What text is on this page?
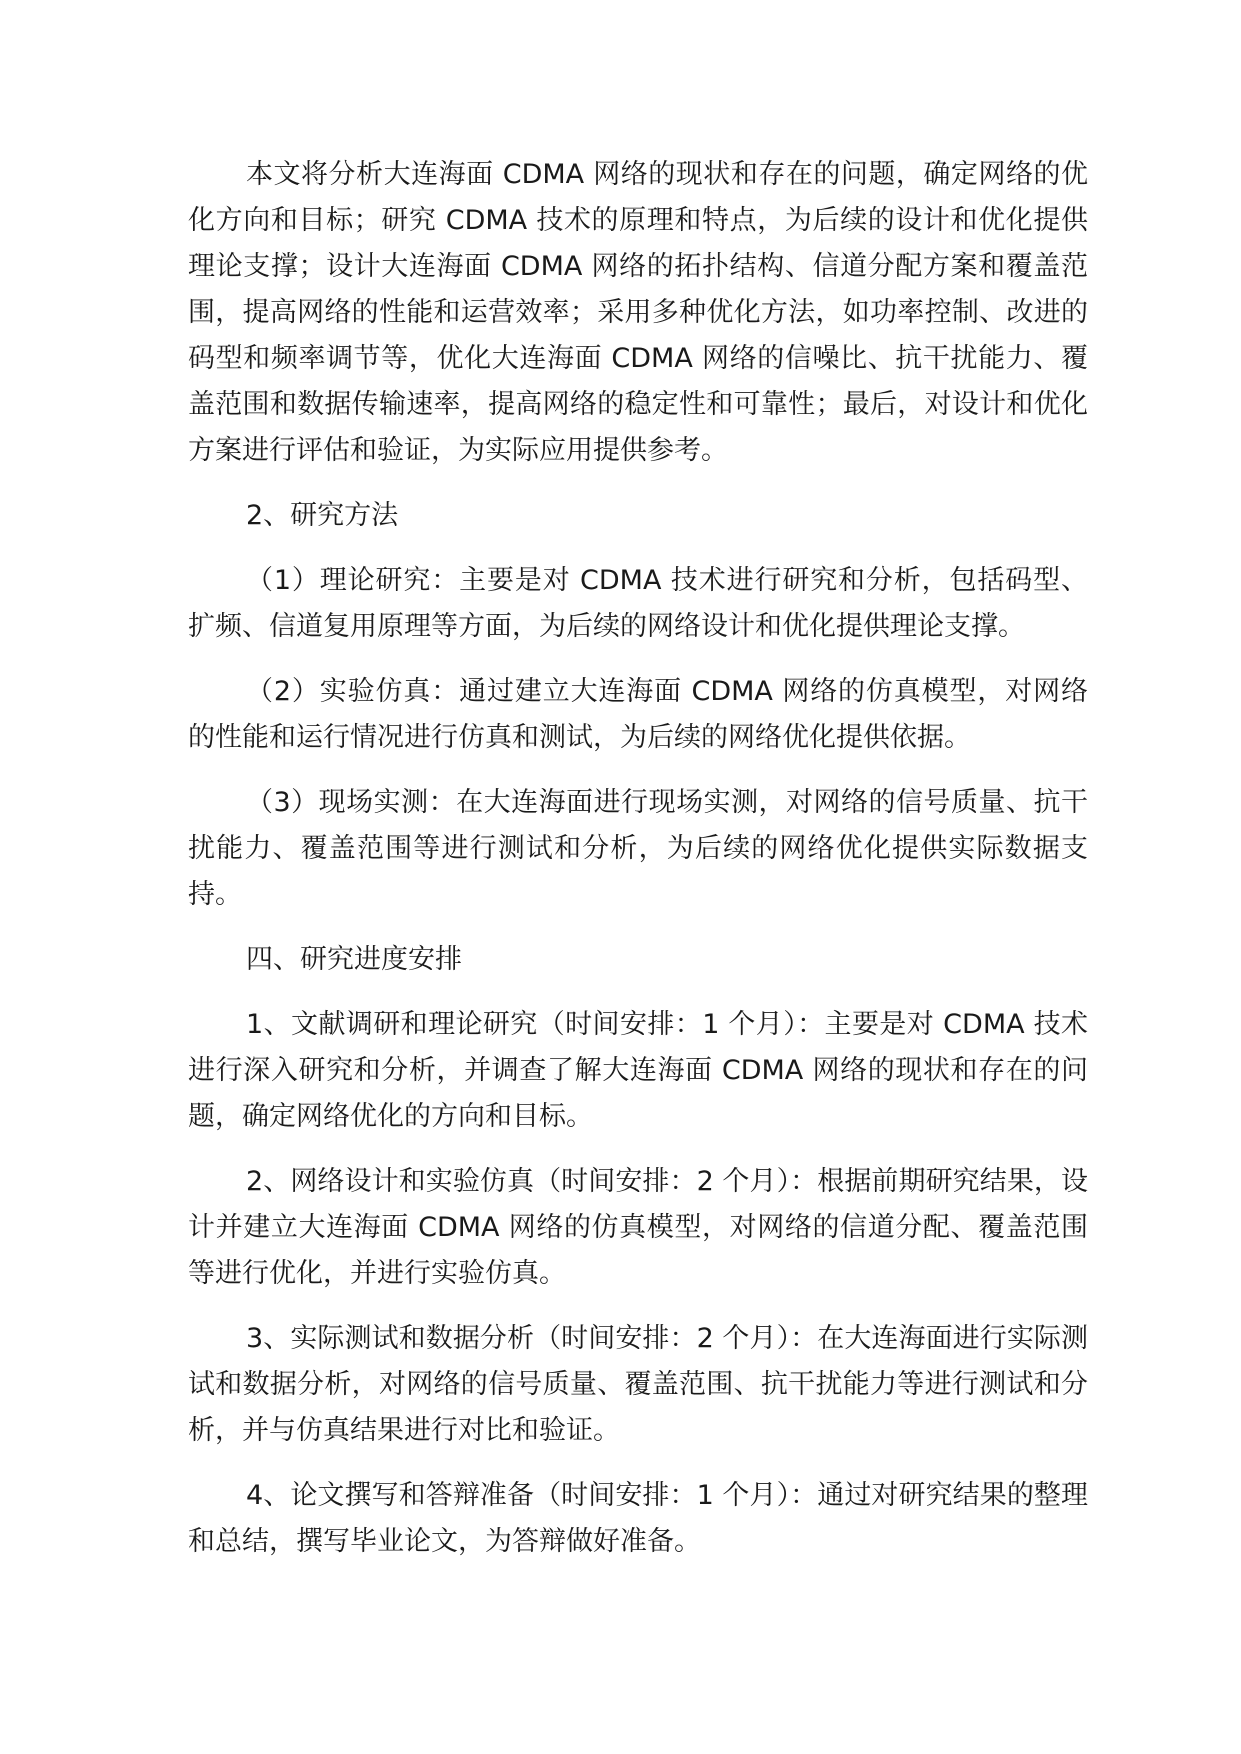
本文将分析大连海面 CDMA 网络的现状和存在的问题，确定网络的优化方向和目标；研究 CDMA 技术的原理和特点，为后续的设计和优化提供理论支撑；设计大连海面 CDMA 网络的拓扑结构、信道分配方案和覆盖范围，提高网络的性能和运营效率；采用多种优化方法，如功率控制、改进的码型和频率调节等，优化大连海面 CDMA 网络的信噪比、抗干扰能力、覆盖范围和数据传输速率，提高网络的稳定性和可靠性；最后，对设计和优化方案进行评估和验证，为实际应用提供参考。

2、研究方法

（1）理论研究：主要是对 CDMA 技术进行研究和分析，包括码型、扩频、信道复用原理等方面，为后续的网络设计和优化提供理论支撑。

（2）实验仿真：通过建立大连海面 CDMA 网络的仿真模型，对网络的性能和运行情况进行仿真和测试，为后续的网络优化提供依据。

（3）现场实测：在大连海面进行现场实测，对网络的信号质量、抗干扰能力、覆盖范围等进行测试和分析，为后续的网络优化提供实际数据支持。

四、研究进度安排

1、文献调研和理论研究（时间安排：1 个月）：主要是对 CDMA 技术进行深入研究和分析，并调查了解大连海面 CDMA 网络的现状和存在的问题，确定网络优化的方向和目标。

2、网络设计和实验仿真（时间安排：2 个月）：根据前期研究结果，设计并建立大连海面 CDMA 网络的仿真模型，对网络的信道分配、覆盖范围等进行优化，并进行实验仿真。

3、实际测试和数据分析（时间安排：2 个月）：在大连海面进行实际测试和数据分析，对网络的信号质量、覆盖范围、抗干扰能力等进行测试和分析，并与仿真结果进行对比和验证。

4、论文撰写和答辩准备（时间安排：1 个月）：通过对研究结果的整理和总结，撰写毕业论文，为答辩做好准备。
